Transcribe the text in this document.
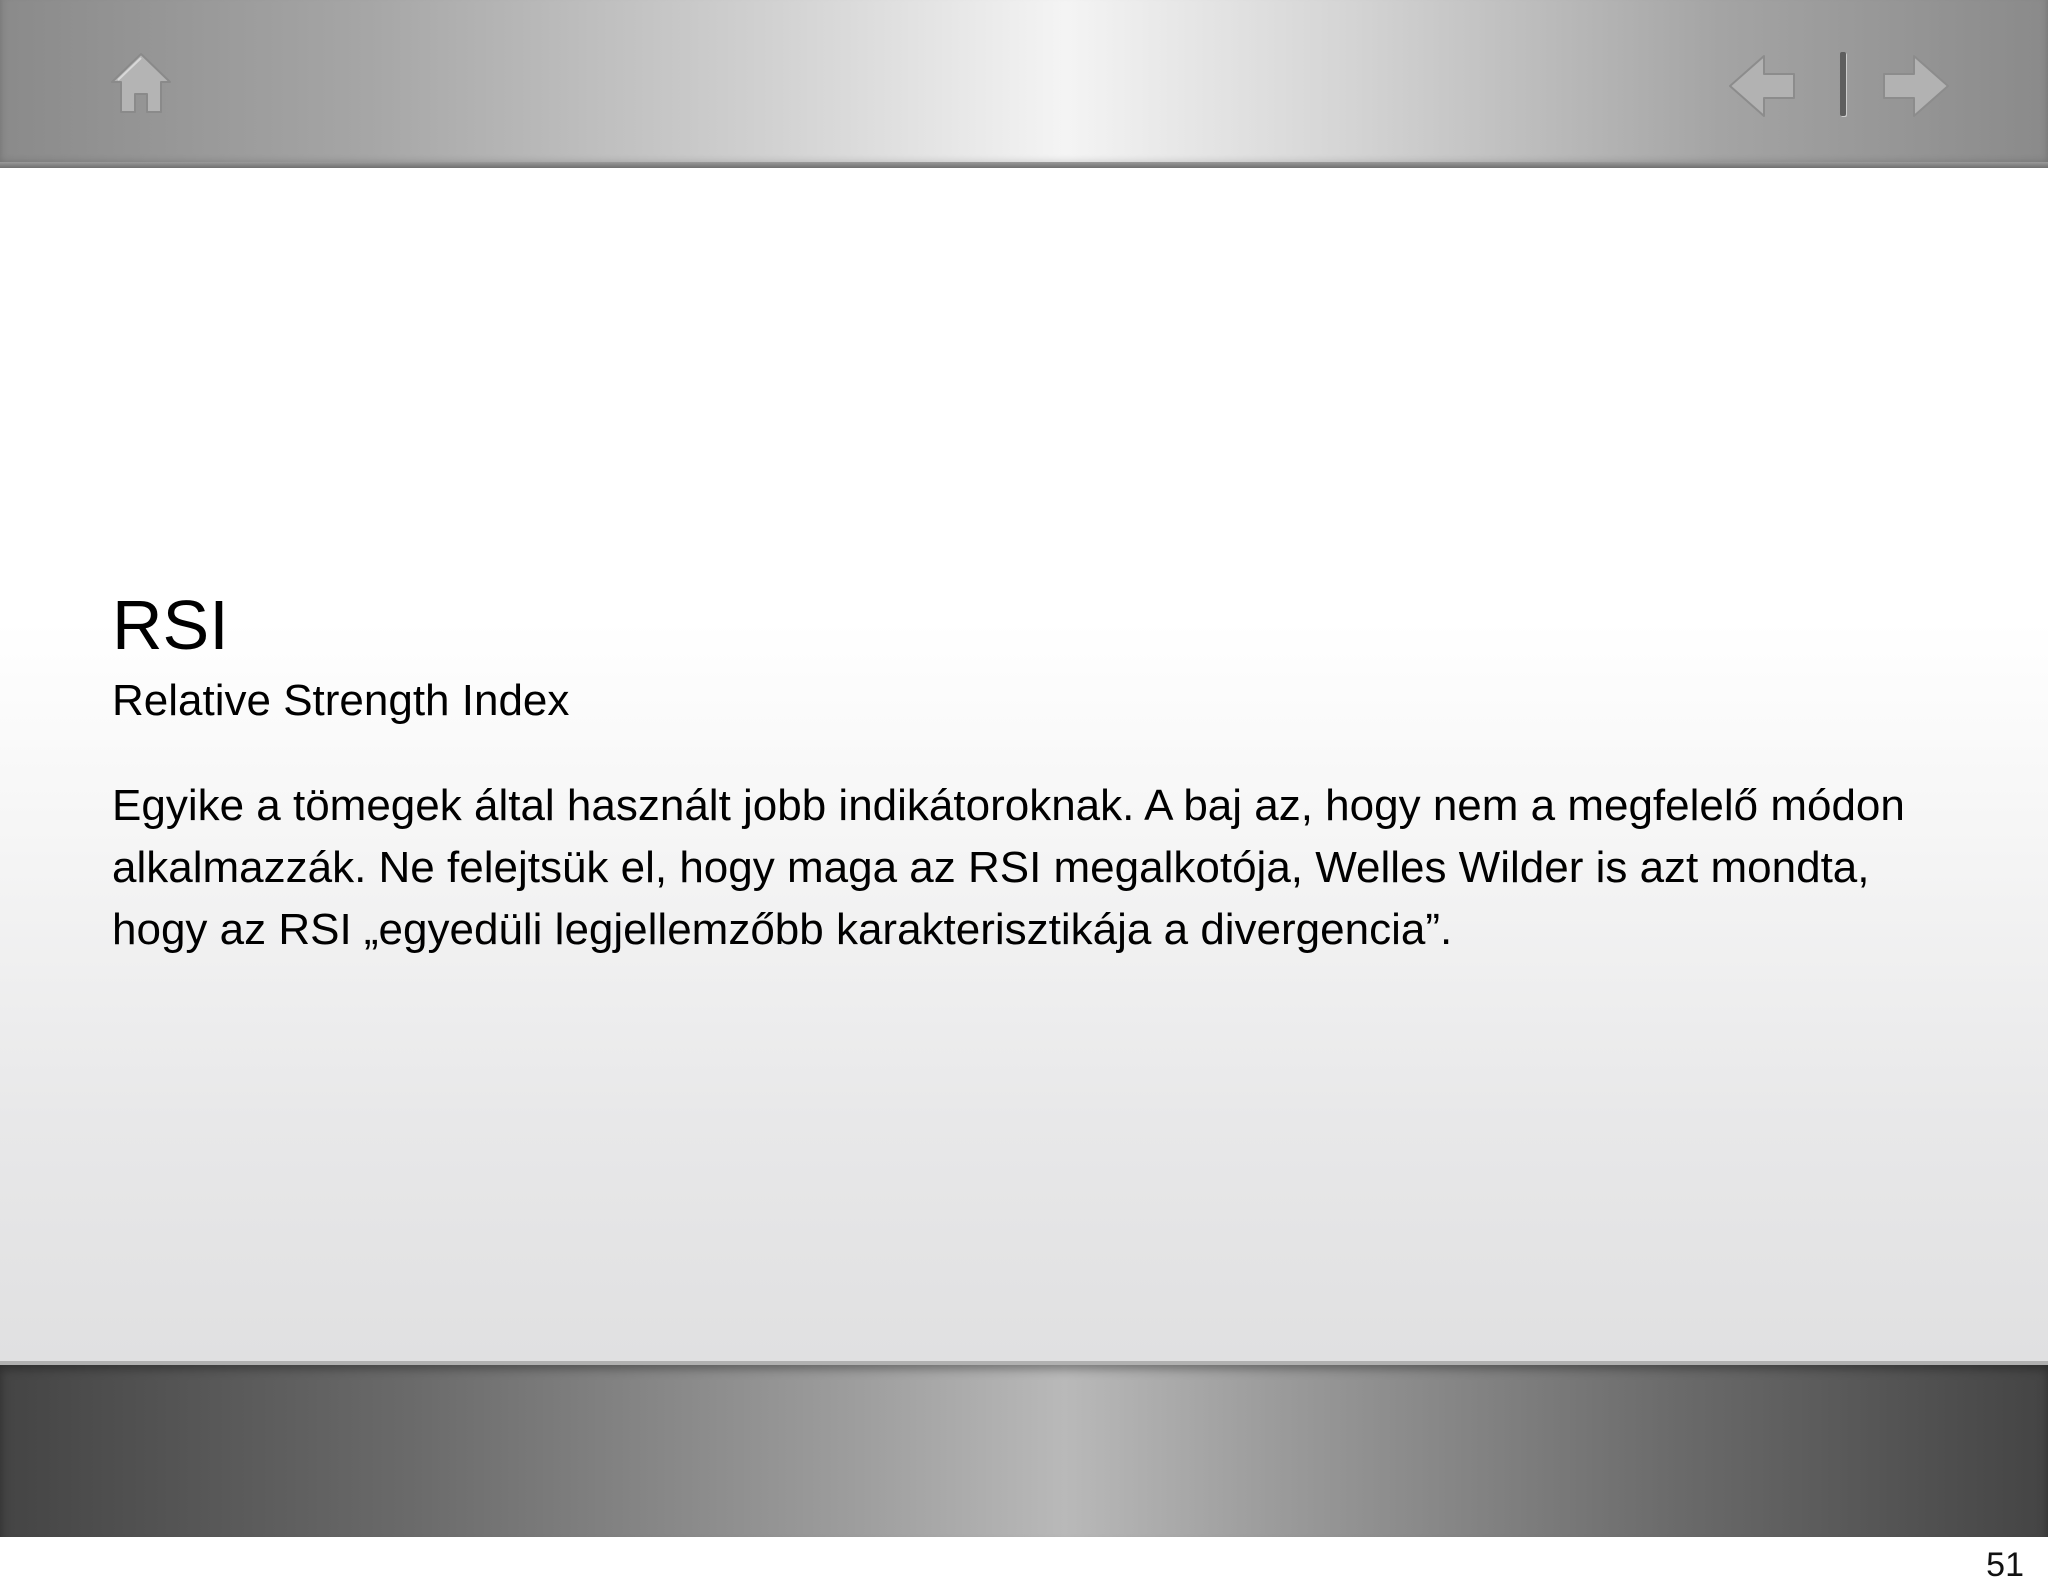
RSI
Relative Strength Index

Egyike a tömegek által használt jobb indikátoroknak. A baj az, hogy nem a megfelelő módon alkalmazzák. Ne felejtsük el, hogy maga az RSI megalkotója, Welles Wilder is azt mondta, hogy az RSI „egyedüli legjellemzőbb karakterisztikája a divergencia”.

51
